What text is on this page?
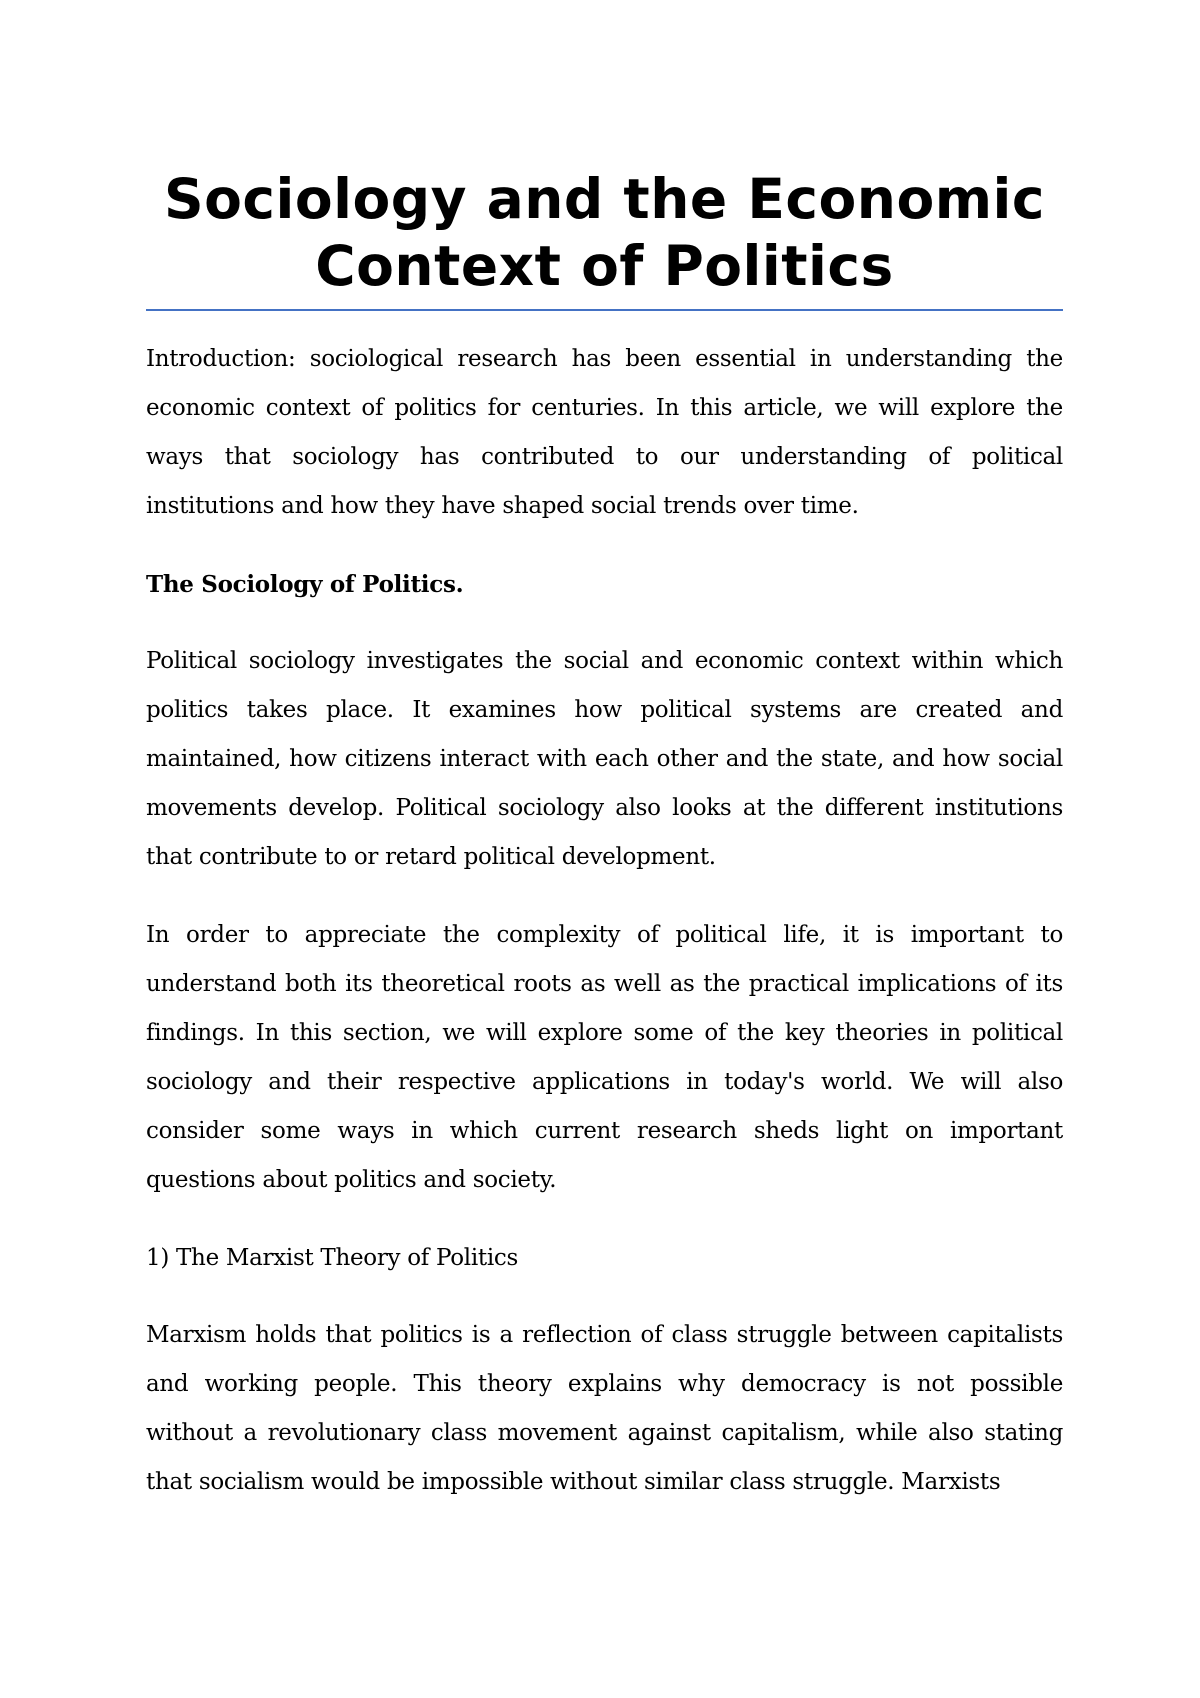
Sociology and the Economic Context of Politics

Introduction: sociological research has been essential in understanding the economic context of politics for centuries. In this article, we will explore the ways that sociology has contributed to our understanding of political institutions and how they have shaped social trends over time.

The Sociology of Politics.

Political sociology investigates the social and economic context within which politics takes place. It examines how political systems are created and maintained, how citizens interact with each other and the state, and how social movements develop. Political sociology also looks at the different institutions that contribute to or retard political development.

In order to appreciate the complexity of political life, it is important to understand both its theoretical roots as well as the practical implications of its findings. In this section, we will explore some of the key theories in political sociology and their respective applications in today's world. We will also consider some ways in which current research sheds light on important questions about politics and society.

1) The Marxist Theory of Politics

Marxism holds that politics is a reflection of class struggle between capitalists and working people. This theory explains why democracy is not possible without a revolutionary class movement against capitalism, while also stating that socialism would be impossible without similar class struggle. Marxists
